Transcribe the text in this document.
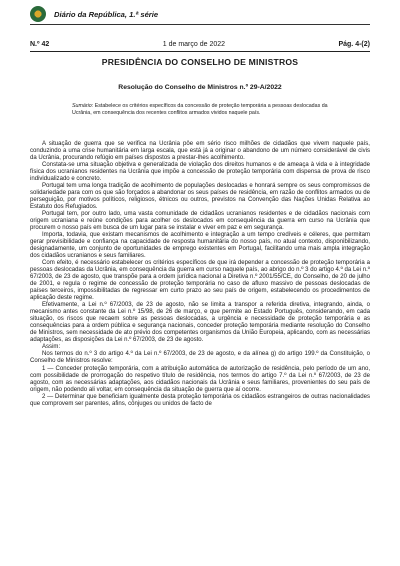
Diário da República, 1.ª série
N.º 42	1 de março de 2022	Pág. 4-(2)
PRESIDÊNCIA DO CONSELHO DE MINISTROS
Resolução do Conselho de Ministros n.º 29-A/2022
Sumário: Estabelece os critérios específicos da concessão de proteção temporária a pessoas deslocadas da Ucrânia, em consequência dos recentes conflitos armados vividos naquele país.

A situação de guerra que se verifica na Ucrânia pôe em sério risco milhões de cidadãos que vivem naquele país, conduzindo a uma crise humanitária em larga escala, que está já a originar o abandono de um número considerável de civis da Ucrânia, procurando refúgio em países dispostos a prestar-lhes acolhimento.

Constata-se uma situação objetiva e generalizada de violação dos direitos humanos e de ameaça à vida e à integridade física dos ucranianos residentes na Ucrânia que impõe a concessão de proteção temporária com dispensa de prova de risco individualizado e concreto.

Portugal tem uma longa tradição de acolhimento de populações deslocadas e honrará sempre os seus compromissos de solidariedade para com os que são forçados a abandonar os seus países de residência, em razão de conflitos armados ou de perseguição, por motivos políticos, religiosos, étnicos ou outros, previstos na Convenção das Nações Unidas Relativa ao Estatuto dos Refugiados.

Portugal tem, por outro lado, uma vasta comunidade de cidadãos ucranianos residentes e de cidadãos nacionais com origem ucraniana e reúne condições para acolher os deslocados em consequência da guerra em curso na Ucrânia que procurem o nosso país em busca de um lugar para se instalar e viver em paz e em segurança.

Importa, todavia, que existam mecanismos de acolhimento e integração a um tempo credíveis e céleres, que permitam gerar previsibilidade e confiança na capacidade de resposta humanitária do nosso país, no atual contexto, disponibilizando, designadamente, um conjunto de oportunidades de emprego existentes em Portugal, facilitando uma mais ampla integração dos cidadãos ucranianos e seus familiares.

Com efeito, é necessário estabelecer os critérios específicos de que irá depender a concessão de proteção temporária a pessoas deslocadas da Ucrânia, em consequência da guerra em curso naquele país, ao abrigo do n.º 3 do artigo 4.º da Lei n.º 67/2003, de 23 de agosto, que transpõe para a ordem jurídica nacional a Diretiva n.º 2001/55/CE, do Conselho, de 20 de julho de 2001, e regula o regime de concessão de proteção temporária no caso de afluxo massivo de pessoas deslocadas de países terceiros, impossibilitadas de regressar em curto prazo ao seu país de origem, estabelecendo os procedimentos de aplicação deste regime.

Efetivamente, a Lei n.º 67/2003, de 23 de agosto, não se limita a transpor a referida diretiva, integrando, ainda, o mecanismo antes constante da Lei n.º 15/98, de 26 de março, e que permite ao Estado Português, considerando, em cada situação, os riscos que recaem sobre as pessoas deslocadas, a urgência e necessidade de proteção temporária e as consequências para a ordem pública e segurança nacionais, conceder proteção temporária mediante resolução do Conselho de Ministros, sem necessidade de ato prévio dos competentes organismos da União Europeia, aplicando, com as necessárias adaptações, as disposições da Lei n.º 67/2003, de 23 de agosto.

Assim:

Nos termos do n.º 3 do artigo 4.º da Lei n.º 67/2003, de 23 de agosto, e da alínea g) do artigo 199.º da Constituição, o Conselho de Ministros resolve:

1 — Conceder proteção temporária, com a atribuição automática de autorização de residência, pelo período de um ano, com possibilidade de prorrogação do respetivo título de residência, nos termos do artigo 7.º da Lei n.º 67/2003, de 23 de agosto, com as necessárias adaptações, aos cidadãos nacionais da Ucrânia e seus familiares, provenientes do seu país de origem, não podendo ali voltar, em consequência da situação de guerra que aí ocorre.

2 — Determinar que beneficiam igualmente desta proteção temporária os cidadãos estrangeiros de outras nacionalidades que comprovem ser parentes, afins, cônjuges ou unidos de facto de
